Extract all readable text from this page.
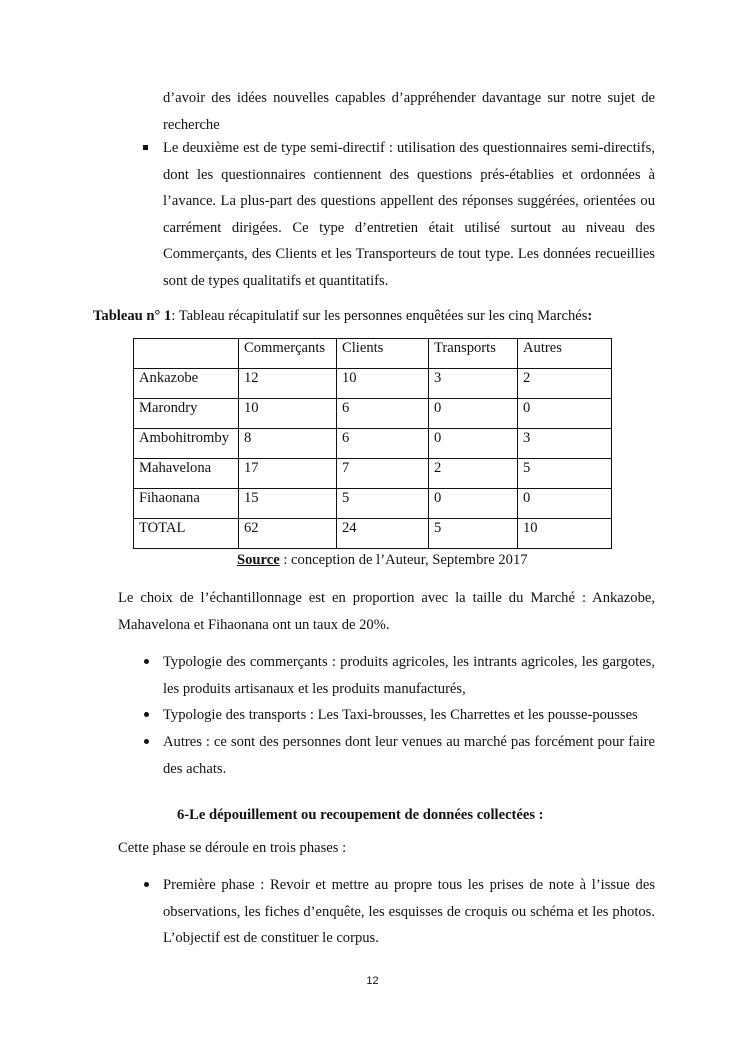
d’avoir des idées nouvelles capables d’appréhender davantage sur notre sujet de recherche
Le deuxième est de type semi-directif : utilisation des questionnaires semi-directifs, dont les questionnaires contiennent des questions prés-établies et ordonnées à l’avance. La plus-part des questions appellent des réponses suggérées, orientées ou carrément dirigées. Ce type d’entretien était utilisé surtout au niveau des Commerçants, des Clients et les Transporteurs de tout type. Les données recueillies sont de types qualitatifs et quantitatifs.
Tableau n° 1: Tableau récapitulatif sur les personnes enquêtées sur les cinq Marchés:
	Commerçants	Clients	Transports	Autres
Ankazobe	12	10	3	2
Marondry	10	6	0	0
Ambohitromby	8	6	0	3
Mahavelona	17	7	2	5
Fihaonana	15	5	0	0
TOTAL	62	24	5	10
Source : conception de l’Auteur, Septembre 2017
Le choix de l’échantillonnage est en proportion avec la taille du Marché : Ankazobe, Mahavelona et Fihaonana ont un taux de 20%.
Typologie des commerçants : produits agricoles, les intrants agricoles, les gargotes, les produits artisanaux et les produits manufacturés,
Typologie des transports : Les Taxi-brousses, les Charrettes et les pousse-pousses
Autres : ce sont des personnes dont leur venues au marché pas forcément pour faire des achats.
6-Le dépouillement ou recoupement de données collectées :
Cette phase se déroule en trois phases :
Première phase : Revoir et mettre au propre tous les prises de note à l’issue des observations, les fiches d’enquête, les esquisses de croquis ou schéma et les photos. L’objectif est de constituer le corpus.
12
